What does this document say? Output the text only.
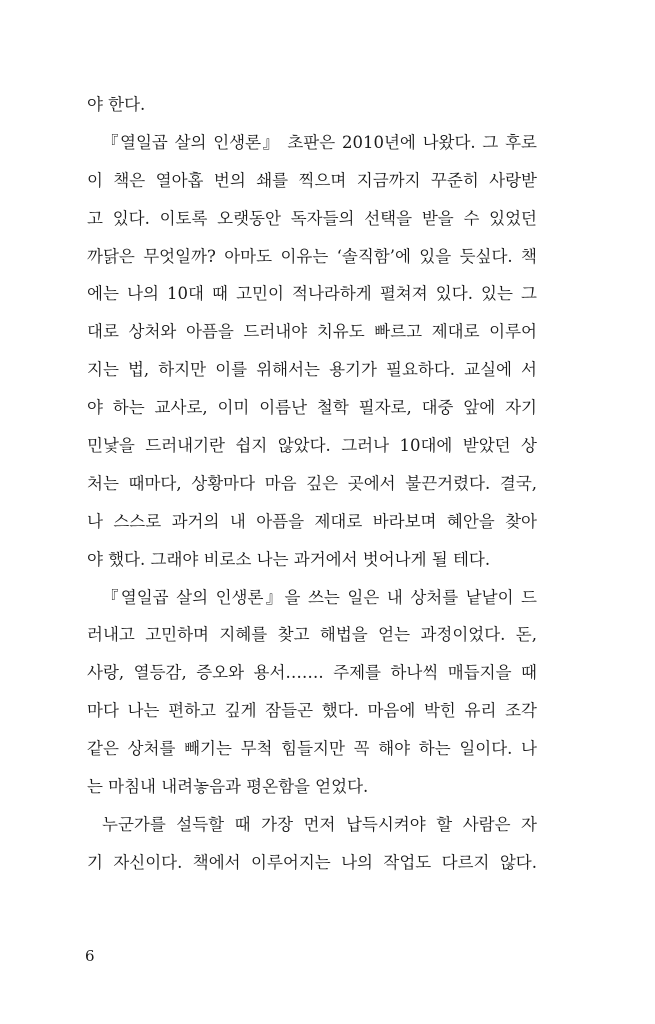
야 한다.
『열일곱 살의 인생론』 초판은 2010년에 나왔다. 그 후로
이 책은 열아홉 번의 쇄를 찍으며 지금까지 꾸준히 사랑받
고 있다. 이토록 오랫동안 독자들의 선택을 받을 수 있었던
까닭은 무엇일까? 아마도 이유는 ‘솔직함’에 있을 듯싶다. 책
에는 나의 10대 때 고민이 적나라하게 펼쳐져 있다. 있는 그
대로 상처와 아픔을 드러내야 치유도 빠르고 제대로 이루어
지는 법, 하지만 이를 위해서는 용기가 필요하다. 교실에 서
야 하는 교사로, 이미 이름난 철학 필자로, 대중 앞에 자기
민낯을 드러내기란 쉽지 않았다. 그러나 10대에 받았던 상
처는 때마다, 상황마다 마음 깊은 곳에서 불끈거렸다. 결국,
나 스스로 과거의 내 아픔을 제대로 바라보며 혜안을 찾아
야 했다. 그래야 비로소 나는 과거에서 벗어나게 될 테다.
『열일곱 살의 인생론』을 쓰는 일은 내 상처를 낱낱이 드
러내고 고민하며 지혜를 찾고 해법을 얻는 과정이었다. 돈,
사랑, 열등감, 증오와 용서……. 주제를 하나씩 매듭지을 때
마다 나는 편하고 깊게 잠들곤 했다. 마음에 박힌 유리 조각
같은 상처를 빼기는 무척 힘들지만 꼭 해야 하는 일이다. 나
는 마침내 내려놓음과 평온함을 얻었다.
누군가를 설득할 때 가장 먼저 납득시켜야 할 사람은 자
기 자신이다. 책에서 이루어지는 나의 작업도 다르지 않다.
6
